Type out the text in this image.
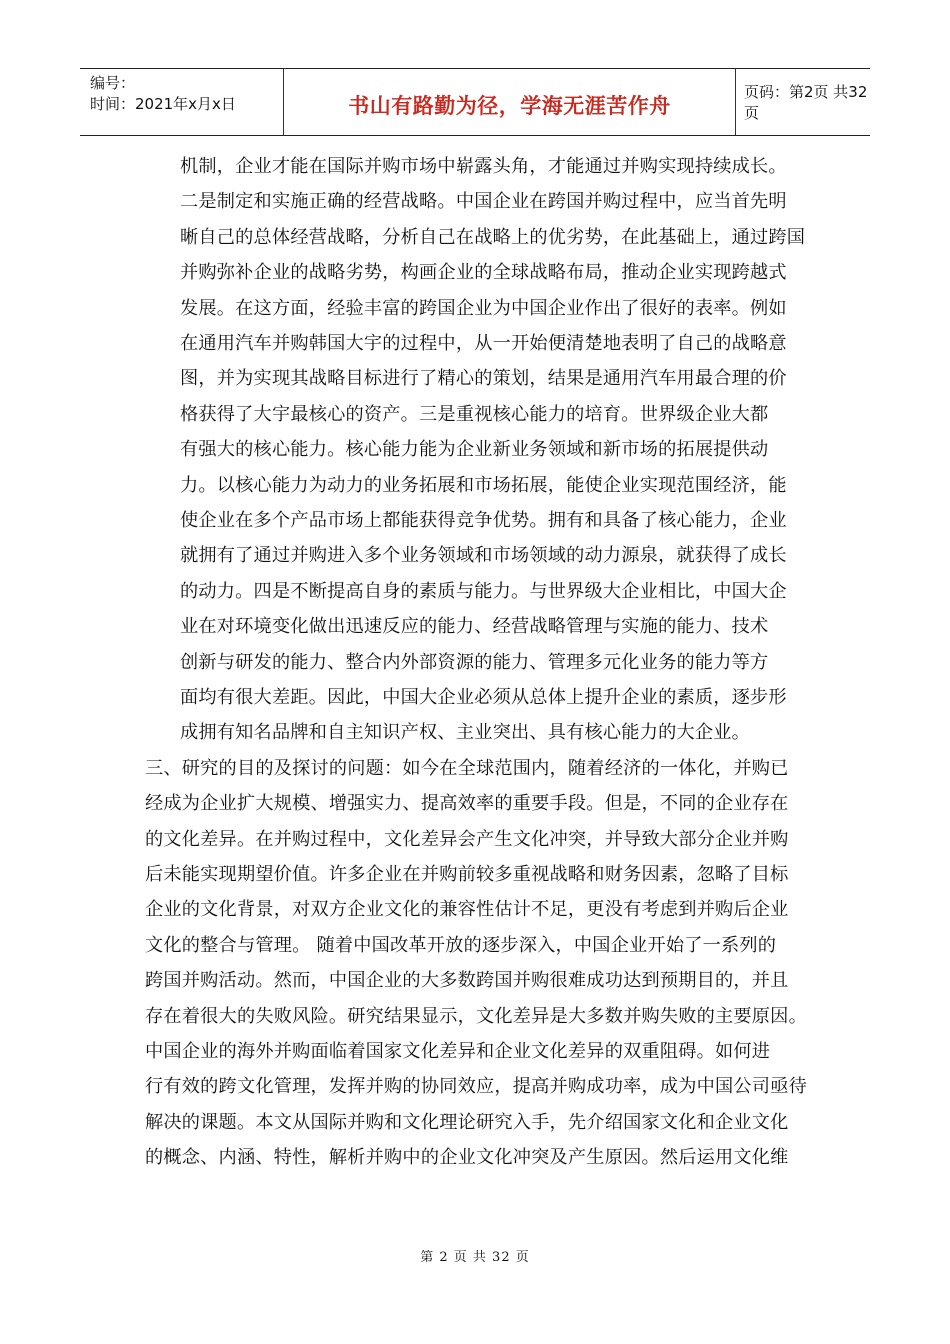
编号：
时间：2021年x月x日	书山有路勤为径，学海无涯苦作舟
页码：第2页 共32页
机制，企业才能在国际并购市场中崭露头角，才能通过并购实现持续成长。
二是制定和实施正确的经营战略。中国企业在跨国并购过程中，应当首先明
晰自己的总体经营战略，分析自己在战略上的优劣势，在此基础上，通过跨国
并购弥补企业的战略劣势，构画企业的全球战略布局，推动企业实现跨越式
发展。在这方面，经验丰富的跨国企业为中国企业作出了很好的表率。例如
在通用汽车并购韩国大宇的过程中，从一开始便清楚地表明了自己的战略意
图，并为实现其战略目标进行了精心的策划，结果是通用汽车用最合理的价
格获得了大宇最核心的资产。三是重视核心能力的培育。世界级企业大都
有强大的核心能力。核心能力能为企业新业务领域和新市场的拓展提供动
力。以核心能力为动力的业务拓展和市场拓展，能使企业实现范围经济，能
使企业在多个产品市场上都能获得竞争优势。拥有和具备了核心能力，企业
就拥有了通过并购进入多个业务领域和市场领域的动力源泉，就获得了成长
的动力。四是不断提高自身的素质与能力。与世界级大企业相比，中国大企
业在对环境变化做出迅速反应的能力、经营战略管理与实施的能力、技术
创新与研发的能力、整合内外部资源的能力、管理多元化业务的能力等方
面均有很大差距。因此，中国大企业必须从总体上提升企业的素质，逐步形
成拥有知名品牌和自主知识产权、主业突出、具有核心能力的大企业。
三、研究的目的及探讨的问题：如今在全球范围内，随着经济的一体化，并购已
经成为企业扩大规模、增强实力、提高效率的重要手段。但是，不同的企业存在
的文化差异。在并购过程中，文化差异会产生文化冲突，并导致大部分企业并购
后未能实现期望价值。许多企业在并购前较多重视战略和财务因素，忽略了目标
企业的文化背景，对双方企业文化的兼容性估计不足，更没有考虑到并购后企业
文化的整合与管理。 随着中国改革开放的逐步深入，中国企业开始了一系列的
跨国并购活动。然而，中国企业的大多数跨国并购很难成功达到预期目的，并且
存在着很大的失败风险。研究结果显示，文化差异是大多数并购失败的主要原因。
中国企业的海外并购面临着国家文化差异和企业文化差异的双重阻碍。如何进
行有效的跨文化管理，发挥并购的协同效应，提高并购成功率，成为中国公司亟待
解决的课题。本文从国际并购和文化理论研究入手，先介绍国家文化和企业文化
的概念、内涵、特性，解析并购中的企业文化冲突及产生原因。然后运用文化维
第 2 页 共 32 页
